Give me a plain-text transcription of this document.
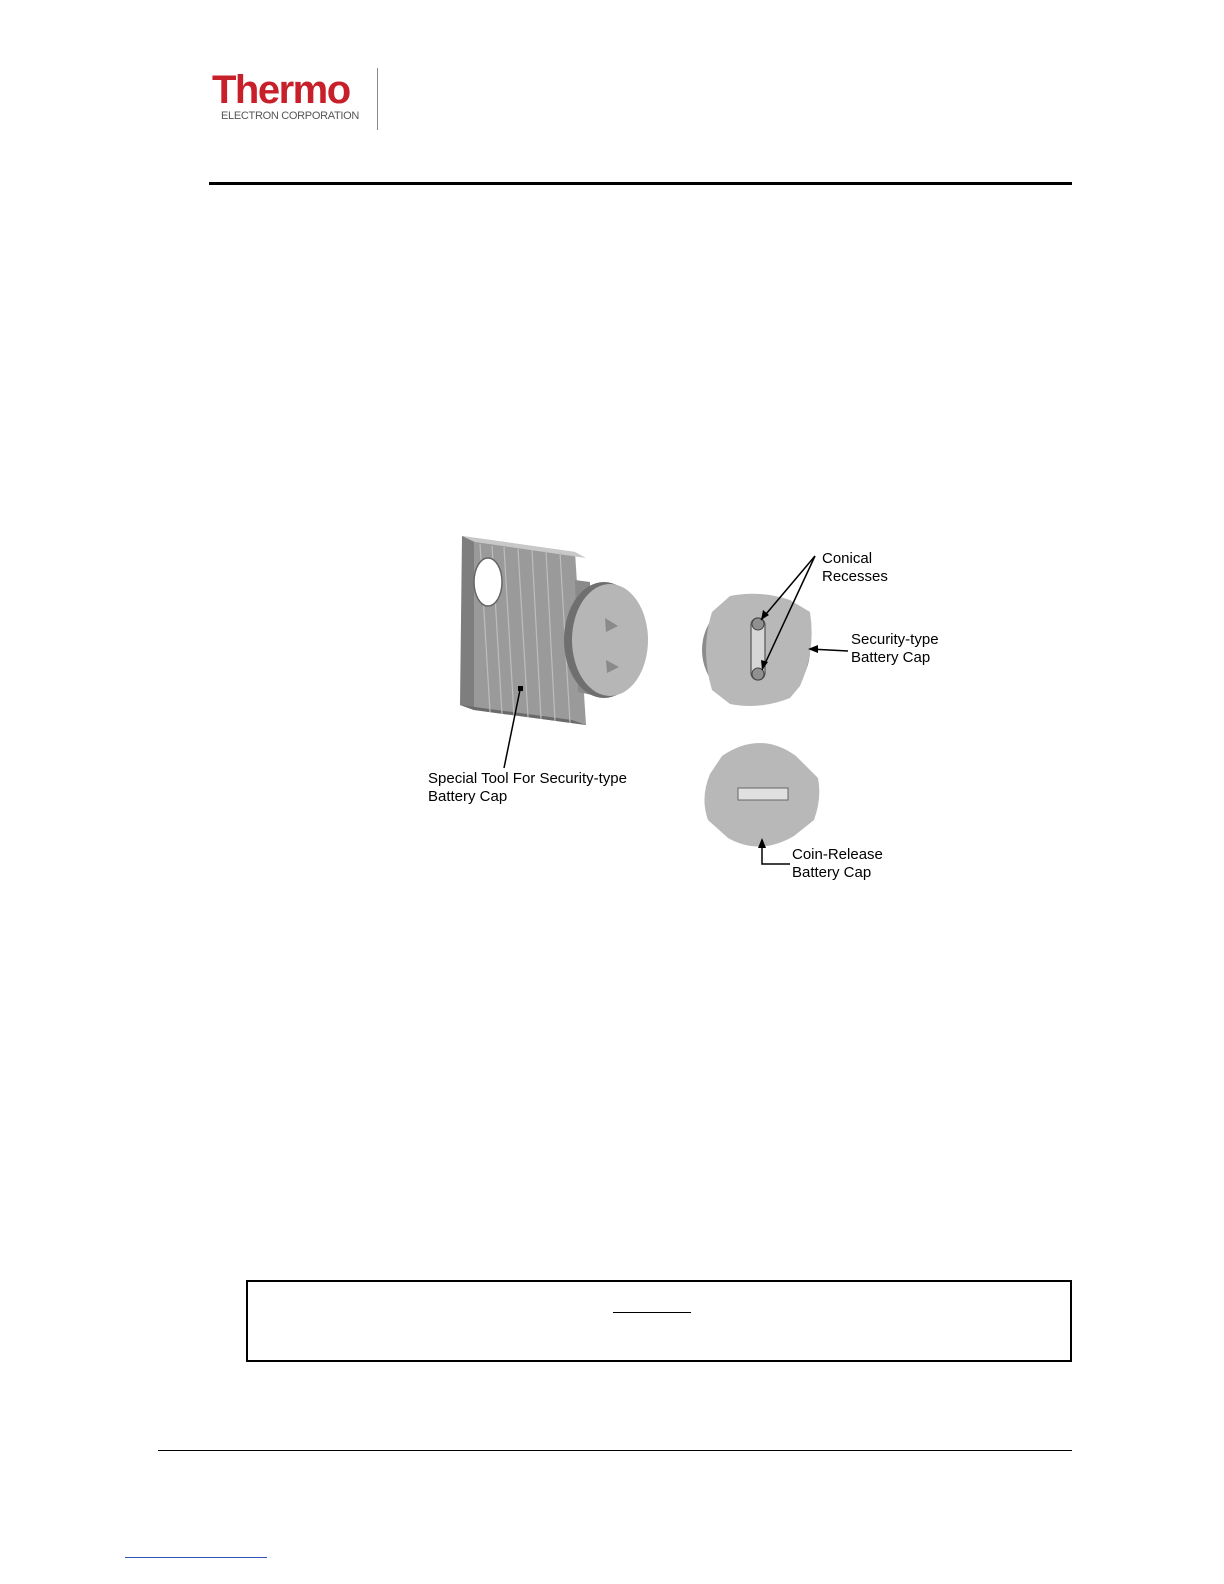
Thermo
ELECTRON CORPORATION
Conical
Recesses
Security-type
Battery Cap
Special Tool For Security-type
Battery Cap
Coin-Release
Battery Cap
